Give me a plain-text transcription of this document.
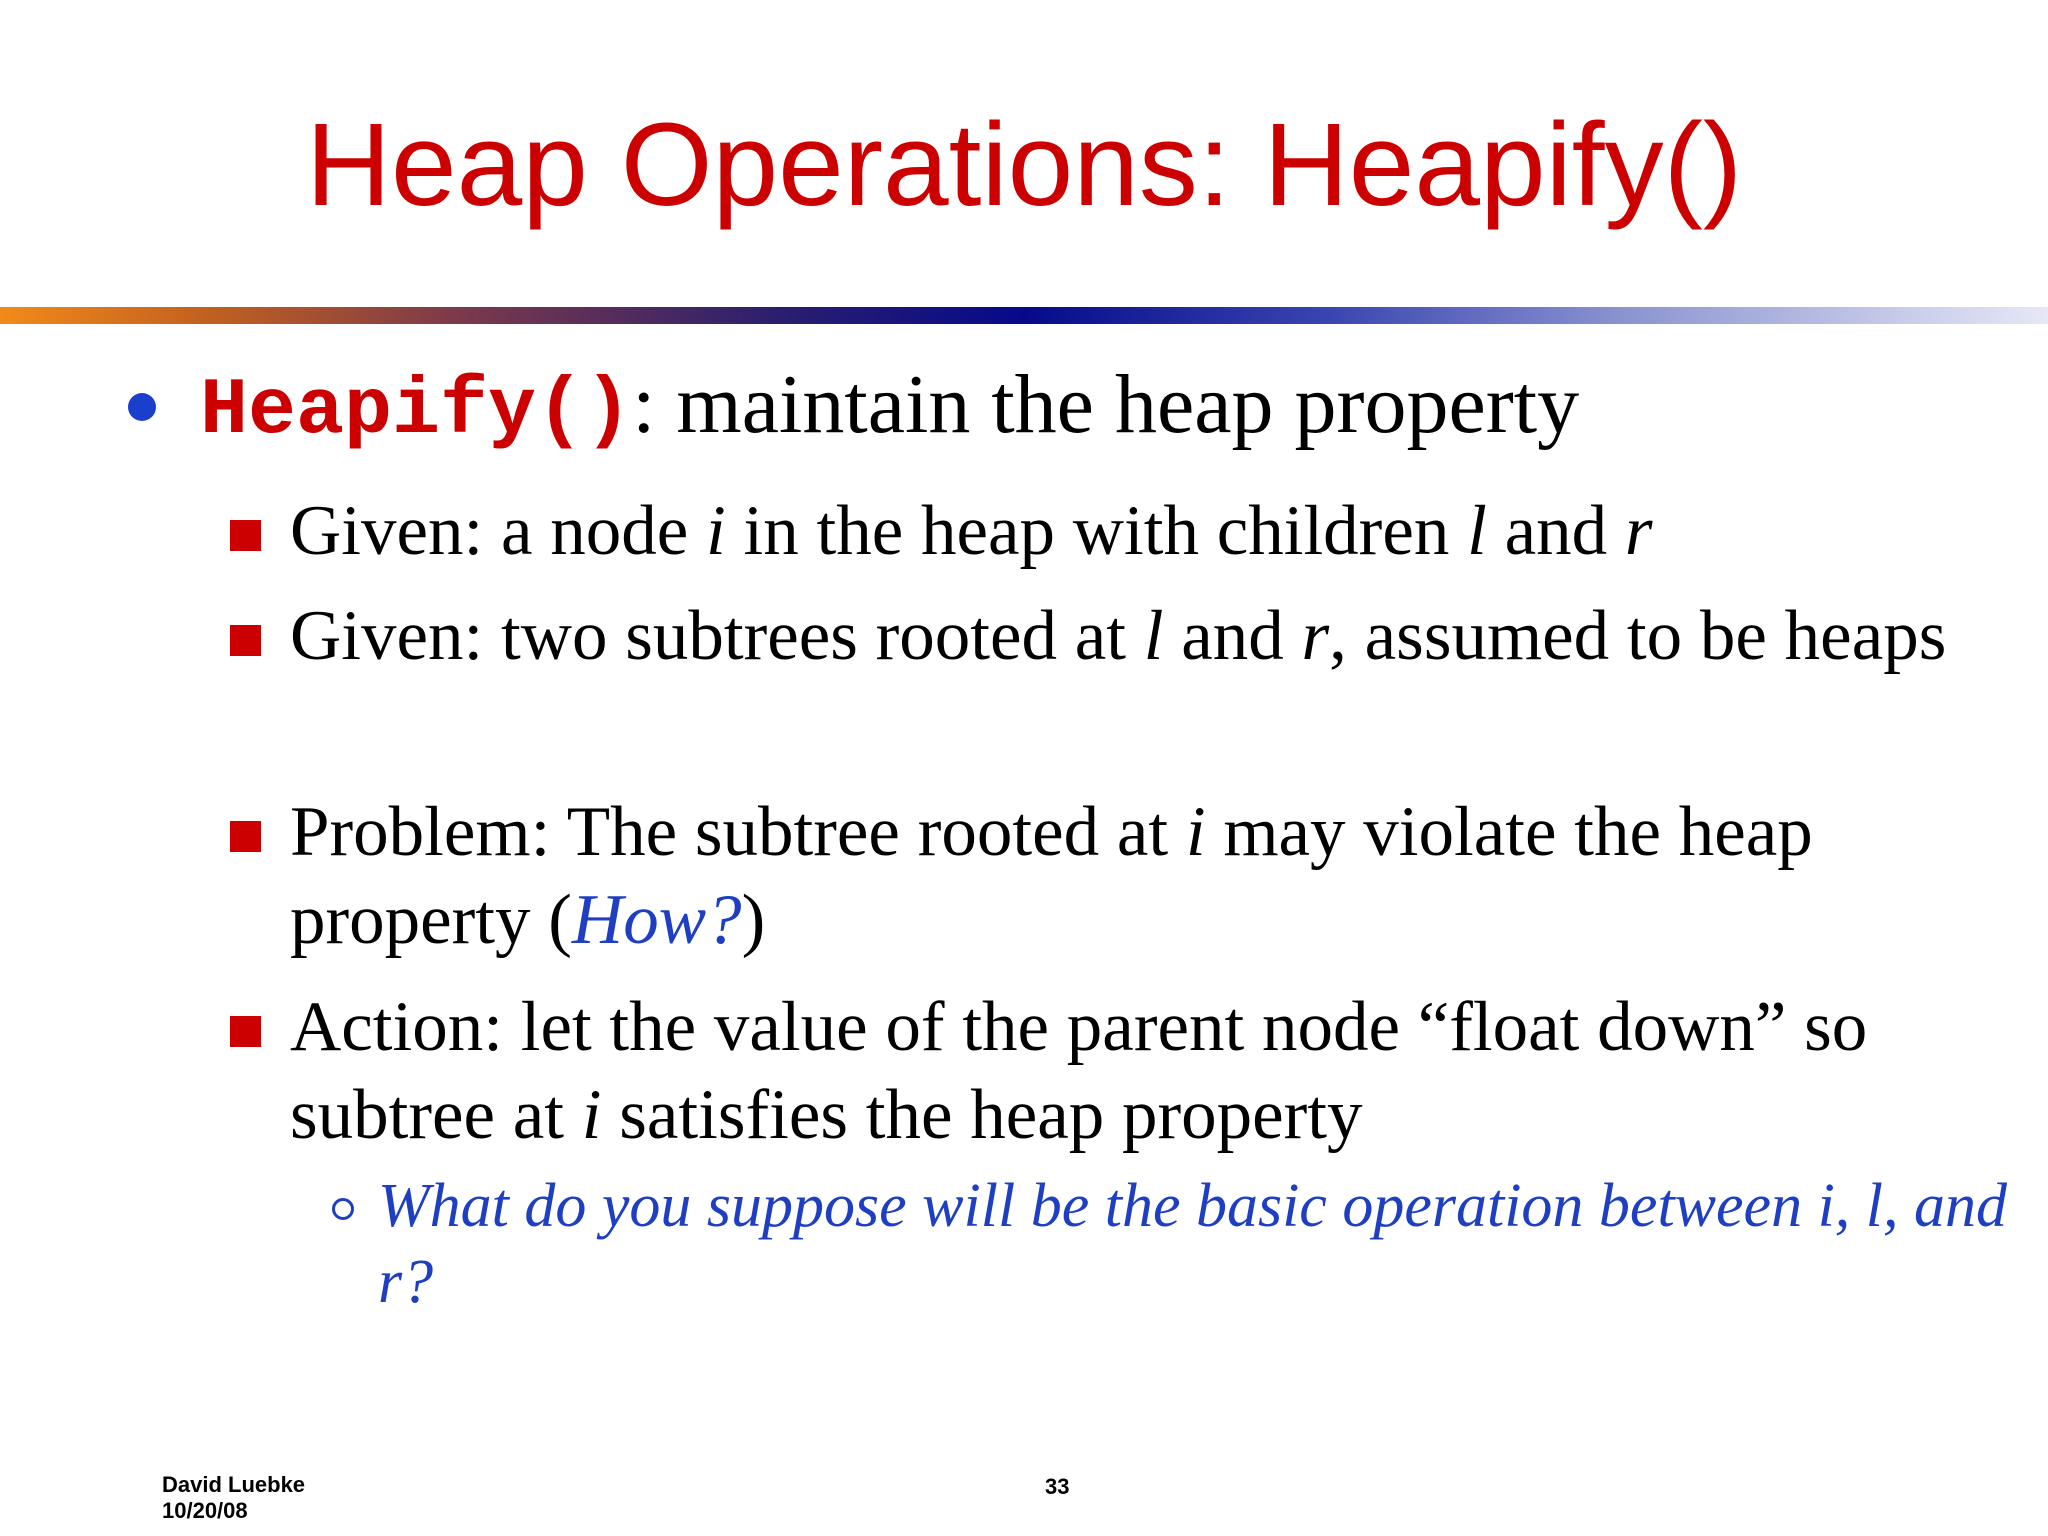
Heap Operations: Heapify()
Heapify(): maintain the heap property
Given: a node i in the heap with children l and r
Given: two subtrees rooted at l and r, assumed to be heaps
Problem: The subtree rooted at i may violate the heap property (How?)
Action: let the value of the parent node “float down” so subtree at i satisfies the heap property
What do you suppose will be the basic operation between i, l, and r?
David Luebke
10/20/08
33
